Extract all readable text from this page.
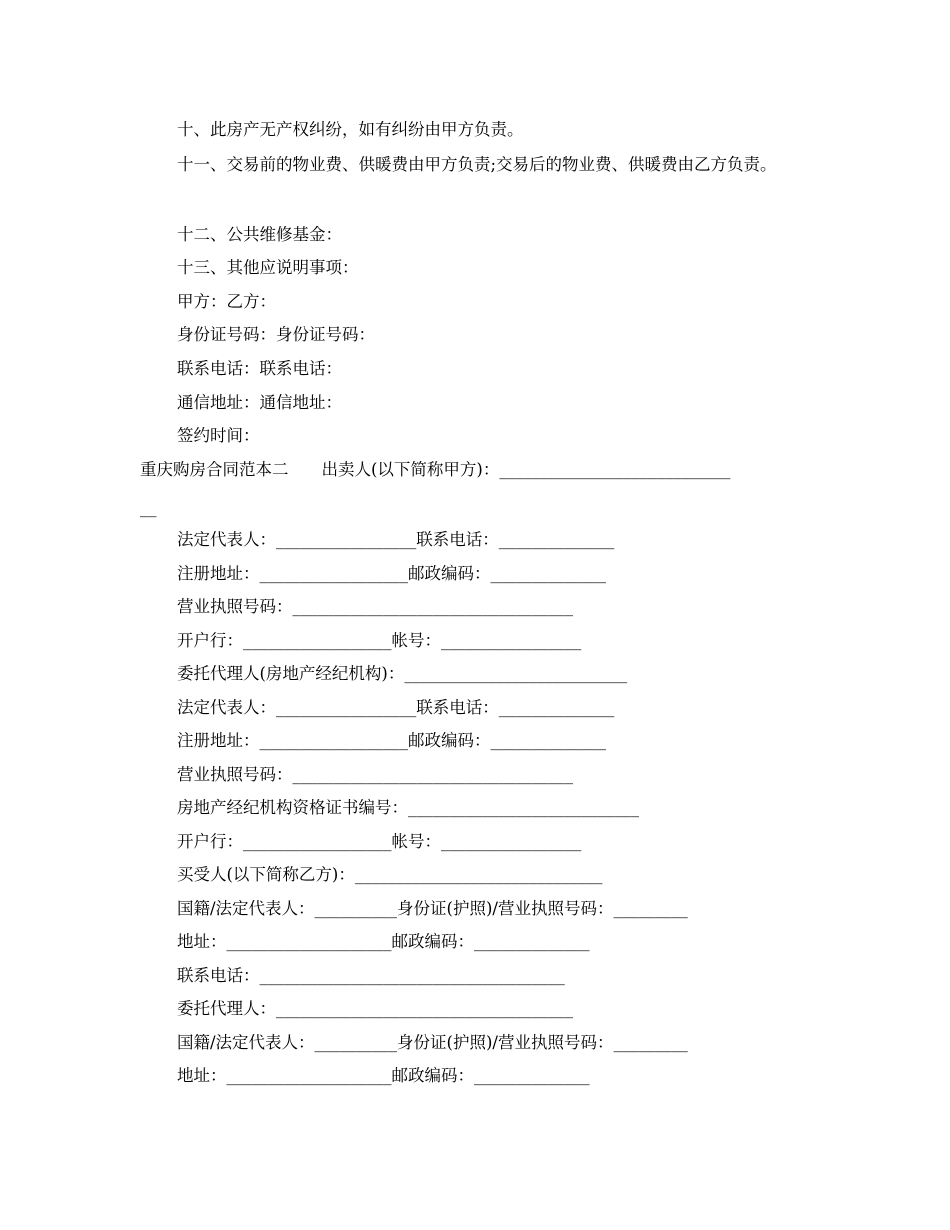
十、此房产无产权纠纷，如有纠纷由甲方负责。
十一、交易前的物业费、供暖费由甲方负责;交易后的物业费、供暖费由乙方负责。
十二、公共维修基金：
十三、其他应说明事项：
甲方：乙方：
身份证号码：身份证号码：
联系电话：联系电话：
通信地址：通信地址：
签约时间：
重庆购房合同范本二　　出卖人(以下简称甲方)：____________________________
__
法定代表人：_________________联系电话：______________
注册地址：__________________邮政编码：______________
营业执照号码：__________________________________
开户行：__________________帐号：_________________
委托代理人(房地产经纪机构)：___________________________
法定代表人：_________________联系电话：______________
注册地址：__________________邮政编码：______________
营业执照号码：__________________________________
房地产经纪机构资格证书编号：____________________________
开户行：__________________帐号：_________________
买受人(以下简称乙方)：______________________________
国籍/法定代表人：__________身份证(护照)/营业执照号码：_________
地址：____________________邮政编码：______________
联系电话：_____________________________________
委托代理人：____________________________________
国籍/法定代表人：__________身份证(护照)/营业执照号码：_________
地址：____________________邮政编码：______________
